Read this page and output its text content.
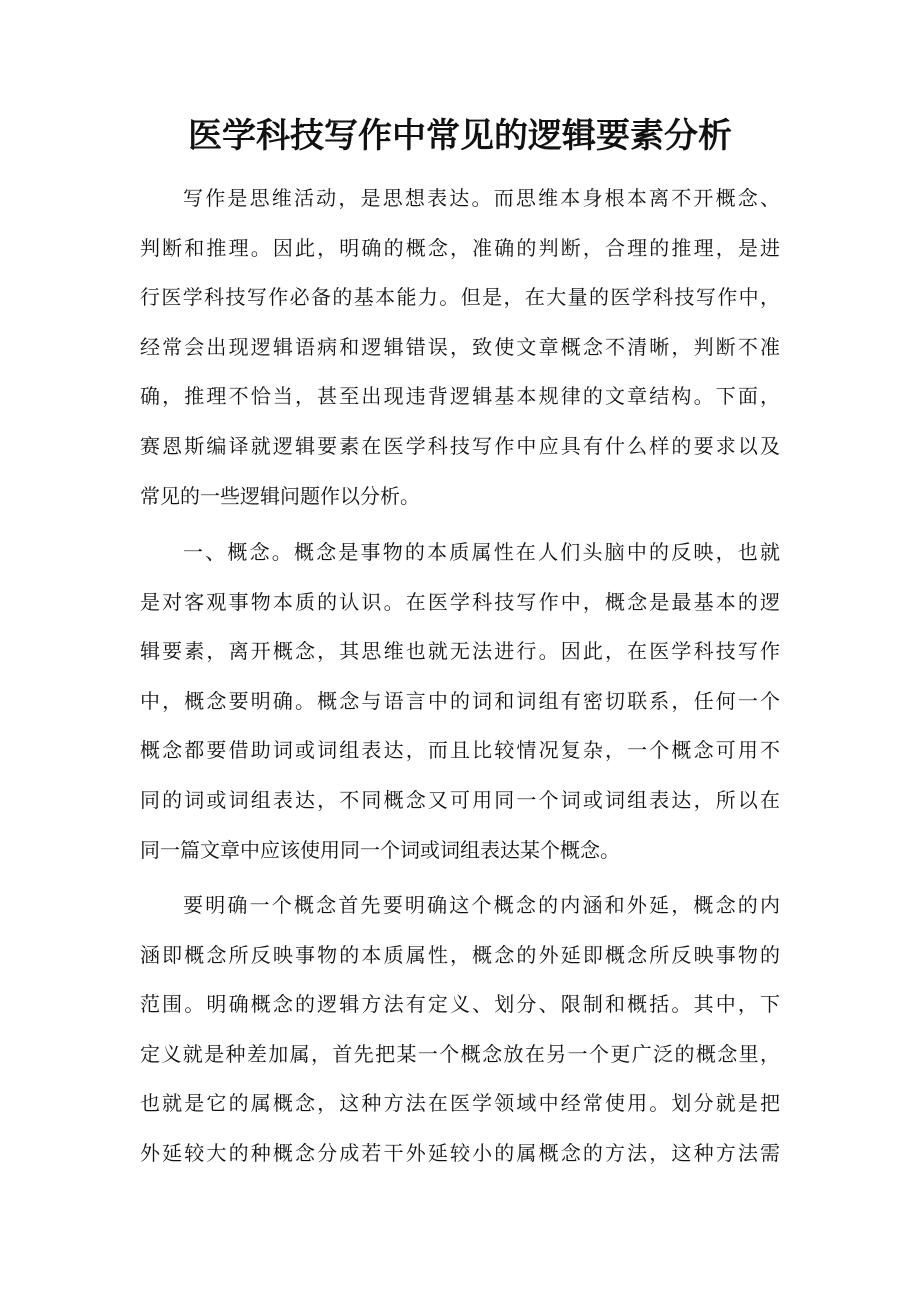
医学科技写作中常见的逻辑要素分析
写作是思维活动，是思想表达。而思维本身根本离不开概念、
判断和推理。因此，明确的概念，准确的判断，合理的推理，是进
行医学科技写作必备的基本能力。但是，在大量的医学科技写作中，
经常会出现逻辑语病和逻辑错误，致使文章概念不清晰，判断不准
确，推理不恰当，甚至出现违背逻辑基本规律的文章结构。下面，
赛恩斯编译就逻辑要素在医学科技写作中应具有什么样的要求以及
常见的一些逻辑问题作以分析。
一、概念。概念是事物的本质属性在人们头脑中的反映，也就
是对客观事物本质的认识。在医学科技写作中，概念是最基本的逻
辑要素，离开概念，其思维也就无法进行。因此，在医学科技写作
中，概念要明确。概念与语言中的词和词组有密切联系，任何一个
概念都要借助词或词组表达，而且比较情况复杂，一个概念可用不
同的词或词组表达，不同概念又可用同一个词或词组表达，所以在
同一篇文章中应该使用同一个词或词组表达某个概念。
要明确一个概念首先要明确这个概念的内涵和外延，概念的内
涵即概念所反映事物的本质属性，概念的外延即概念所反映事物的
范围。明确概念的逻辑方法有定义、划分、限制和概括。其中，下
定义就是种差加属，首先把某一个概念放在另一个更广泛的概念里，
也就是它的属概念，这种方法在医学领域中经常使用。划分就是把
外延较大的种概念分成若干外延较小的属概念的方法，这种方法需
